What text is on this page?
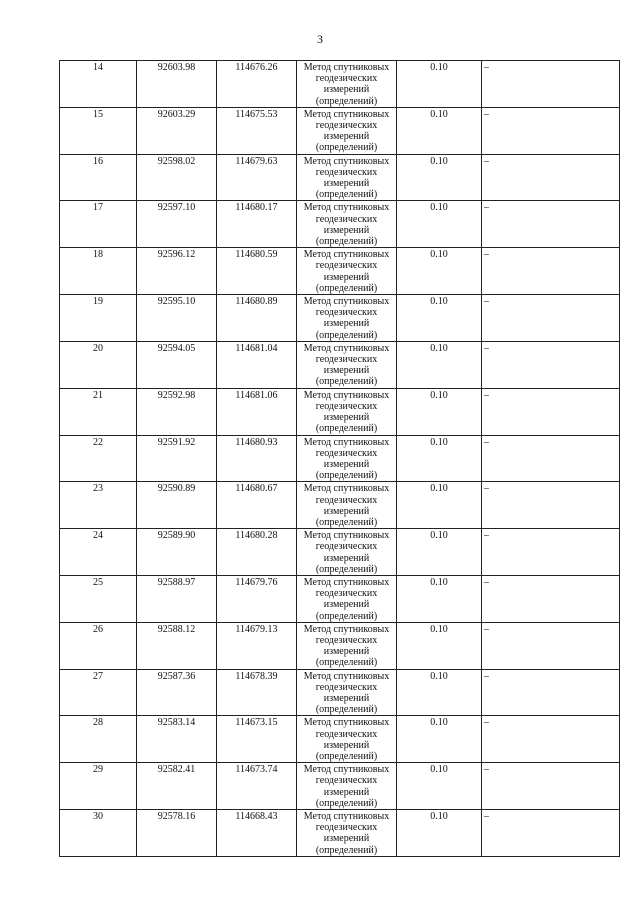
3
14	92603.98	114676.26	Метод спутниковых геодезических измерений (определений)	0.10	–
15	92603.29	114675.53	Метод спутниковых геодезических измерений (определений)	0.10	–
16	92598.02	114679.63	Метод спутниковых геодезических измерений (определений)	0.10	–
17	92597.10	114680.17	Метод спутниковых геодезических измерений (определений)	0.10	–
18	92596.12	114680.59	Метод спутниковых геодезических измерений (определений)	0.10	–
19	92595.10	114680.89	Метод спутниковых геодезических измерений (определений)	0.10	–
20	92594.05	114681.04	Метод спутниковых геодезических измерений (определений)	0.10	–
21	92592.98	114681.06	Метод спутниковых геодезических измерений (определений)	0.10	–
22	92591.92	114680.93	Метод спутниковых геодезических измерений (определений)	0.10	–
23	92590.89	114680.67	Метод спутниковых геодезических измерений (определений)	0.10	–
24	92589.90	114680.28	Метод спутниковых геодезических измерений (определений)	0.10	–
25	92588.97	114679.76	Метод спутниковых геодезических измерений (определений)	0.10	–
26	92588.12	114679.13	Метод спутниковых геодезических измерений (определений)	0.10	–
27	92587.36	114678.39	Метод спутниковых геодезических измерений (определений)	0.10	–
28	92583.14	114673.15	Метод спутниковых геодезических измерений (определений)	0.10	–
29	92582.41	114673.74	Метод спутниковых геодезических измерений (определений)	0.10	–
30	92578.16	114668.43	Метод спутниковых геодезических измерений (определений)	0.10	–
